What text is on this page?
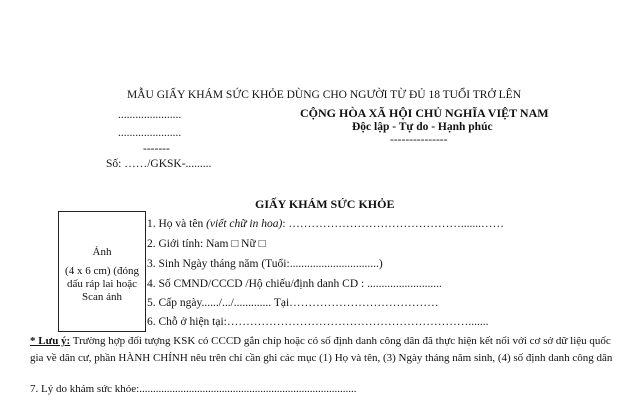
MẪU GIẤY KHÁM SỨC KHỎE DÙNG CHO NGƯỜI TỪ ĐỦ 18 TUỔI TRỞ LÊN
......................
......................
-------
Số: ……/GKSK-.........
CỘNG HÒA XÃ HỘI CHỦ NGHĨA VIỆT NAM
Độc lập - Tự do - Hạnh phúc
---------------
GIẤY KHÁM SỨC KHỎE
Ảnh
(4 x 6 cm) (đóng dấu ráp lai hoặc Scan ảnh
1. Họ và tên (viết chữ in hoa): ……………………………………….......……
2. Giới tính: Nam □ Nữ □
3. Sinh Ngày tháng năm (Tuổi:...............................)
4. Số CMND/CCCD /Hộ chiếu/định danh CD : ..........................
5. Cấp ngày....../.../............. Tại…………………………………
6. Chỗ ở hiện tại:……………………………………………………….......
* Lưu ý: Trường hợp đối tượng KSK có CCCD gắn chíp hoặc có số định danh công dân đã thực hiện kết nối với cơ sở dữ liệu quốc gia về dân cư, phần HÀNH CHÍNH nêu trên chỉ cần ghi các mục (1) Họ và tên, (3) Ngày tháng năm sinh, (4) số định danh công dân
7. Lý do khám sức khỏe:...............................................................................
